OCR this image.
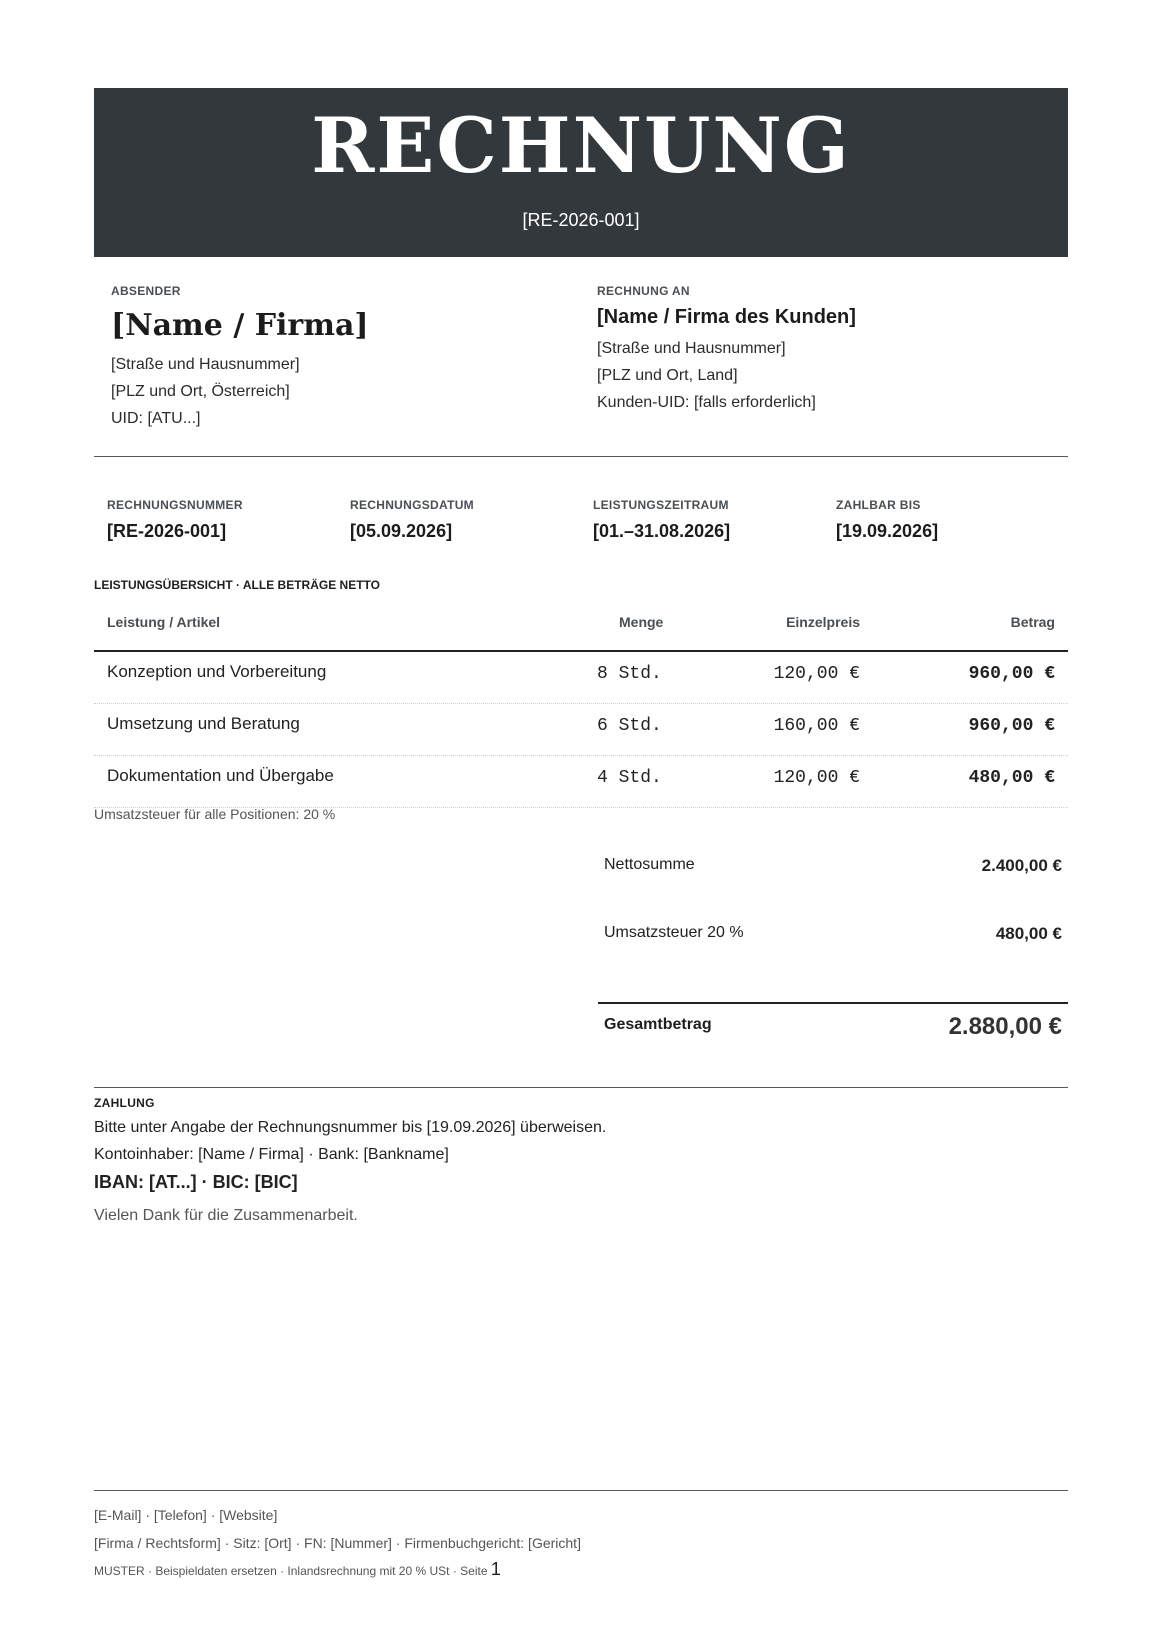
RECHNUNG
[RE-2026-001]
ABSENDER
[Name / Firma]
[Straße und Hausnummer]
[PLZ und Ort, Österreich]
UID: [ATU...]
RECHNUNG AN
[Name / Firma des Kunden]
[Straße und Hausnummer]
[PLZ und Ort, Land]
Kunden-UID: [falls erforderlich]
RECHNUNGSNUMMER
[RE-2026-001]
RECHNUNGSDATUM
[05.09.2026]
LEISTUNGSZEITRAUM
[01.–31.08.2026]
ZAHLBAR BIS
[19.09.2026]
LEISTUNGSÜBERSICHT · ALLE BETRÄGE NETTO
Leistung / Artikel	Menge	Einzelpreis	Betrag
Konzeption und Vorbereitung	8 Std.	120,00 €	960,00 €
Umsetzung und Beratung	6 Std.	160,00 €	960,00 €
Dokumentation und Übergabe	4 Std.	120,00 €	480,00 €
Umsatzsteuer für alle Positionen: 20 %
Nettosumme	2.400,00 €
Umsatzsteuer 20 %	480,00 €
Gesamtbetrag	2.880,00 €
ZAHLUNG
Bitte unter Angabe der Rechnungsnummer bis [19.09.2026] überweisen.
Kontoinhaber: [Name / Firma] · Bank: [Bankname]
IBAN: [AT...] · BIC: [BIC]
Vielen Dank für die Zusammenarbeit.
[E-Mail] · [Telefon] · [Website]
[Firma / Rechtsform] · Sitz: [Ort] · FN: [Nummer] · Firmenbuchgericht: [Gericht]
MUSTER · Beispieldaten ersetzen · Inlandsrechnung mit 20 % USt · Seite 1
